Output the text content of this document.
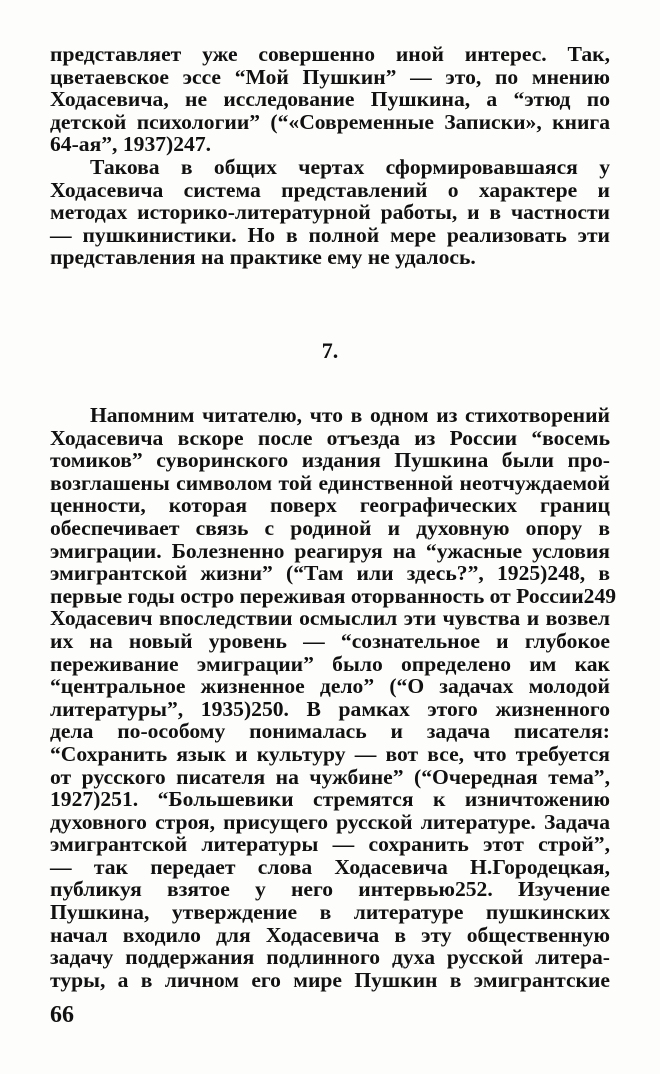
представляет уже совершенно иной интерес. Так,
цветаевское эссе “Мой Пушкин” — это, по мнению
Ходасевича, не исследование Пушкина, а “этюд по
детской психологии” (“«Современные Записки», книга
64-ая”, 1937)247.
Такова в общих чертах сформировавшаяся у
Ходасевича система представлений о характере и
методах историко-литературной работы, и в частности
— пушкинистики. Но в полной мере реализовать эти
представления на практике ему не удалось.
7.
Напомним читателю, что в одном из стихотворений
Ходасевича вскоре после отъезда из России “восемь
томиков” суворинского издания Пушкина были про-
возглашены символом той единственной неотчуждаемой
ценности, которая поверх географических границ
обеспечивает связь с родиной и духовную опору в
эмиграции. Болезненно реагируя на “ужасные условия
эмигрантской жизни” (“Там или здесь?”, 1925)248, в
первые годы остро переживая оторванность от России249
Ходасевич впоследствии осмыслил эти чувства и возвел
их на новый уровень — “сознательное и глубокое
переживание эмиграции” было определено им как
“центральное жизненное дело” (“О задачах молодой
литературы”, 1935)250. В рамках этого жизненного
дела по-особому понималась и задача писателя:
“Сохранить язык и культуру — вот все, что требуется
от русского писателя на чужбине” (“Очередная тема”,
1927)251. “Большевики стремятся к изничтожению
духовного строя, присущего русской литературе. Задача
эмигрантской литературы — сохранить этот строй”,
— так передает слова Ходасевича Н.Городецкая,
публикуя взятое у него интервью252. Изучение
Пушкина, утверждение в литературе пушкинских
начал входило для Ходасевича в эту общественную
задачу поддержания подлинного духа русской литера-
туры, а в личном его мире Пушкин в эмигрантские
66
